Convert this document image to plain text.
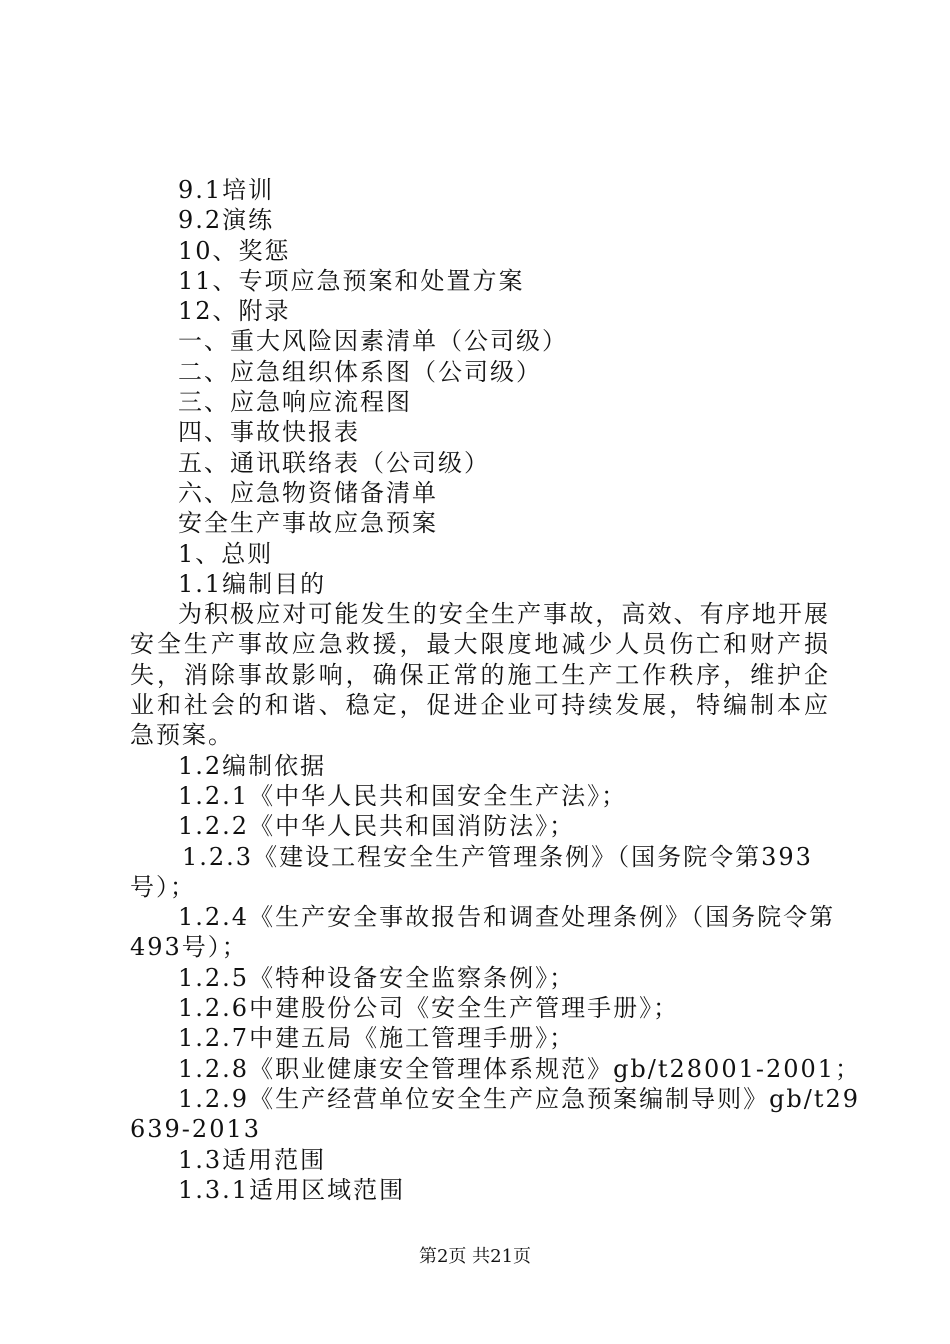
9.1培训
9.2演练
10、奖惩
11、专项应急预案和处置方案
12、附录
一、重大风险因素清单（公司级）
二、应急组织体系图（公司级）
三、应急响应流程图
四、事故快报表
五、通讯联络表（公司级）
六、应急物资储备清单
安全生产事故应急预案
1、总则
1.1编制目的
为积极应对可能发生的安全生产事故，高效、有序地开展安全生产事故应急救援，最大限度地减少人员伤亡和财产损失，消除事故影响，确保正常的施工生产工作秩序，维护企业和社会的和谐、稳定，促进企业可持续发展，特编制本应急预案。
1.2编制依据
1.2.1《中华人民共和国安全生产法》；
1.2.2《中华人民共和国消防法》；
1.2.3《建设工程安全生产管理条例》（国务院令第393
号）；
1.2.4《生产安全事故报告和调查处理条例》（国务院令第
493号）；
1.2.5《特种设备安全监察条例》；
1.2.6中建股份公司《安全生产管理手册》；
1.2.7中建五局《施工管理手册》；
1.2.8《职业健康安全管理体系规范》gb/t28001-2001；
1.2.9《生产经营单位安全生产应急预案编制导则》gb/t29
639-2013
1.3适用范围
1.3.1适用区域范围
第2页 共21页
